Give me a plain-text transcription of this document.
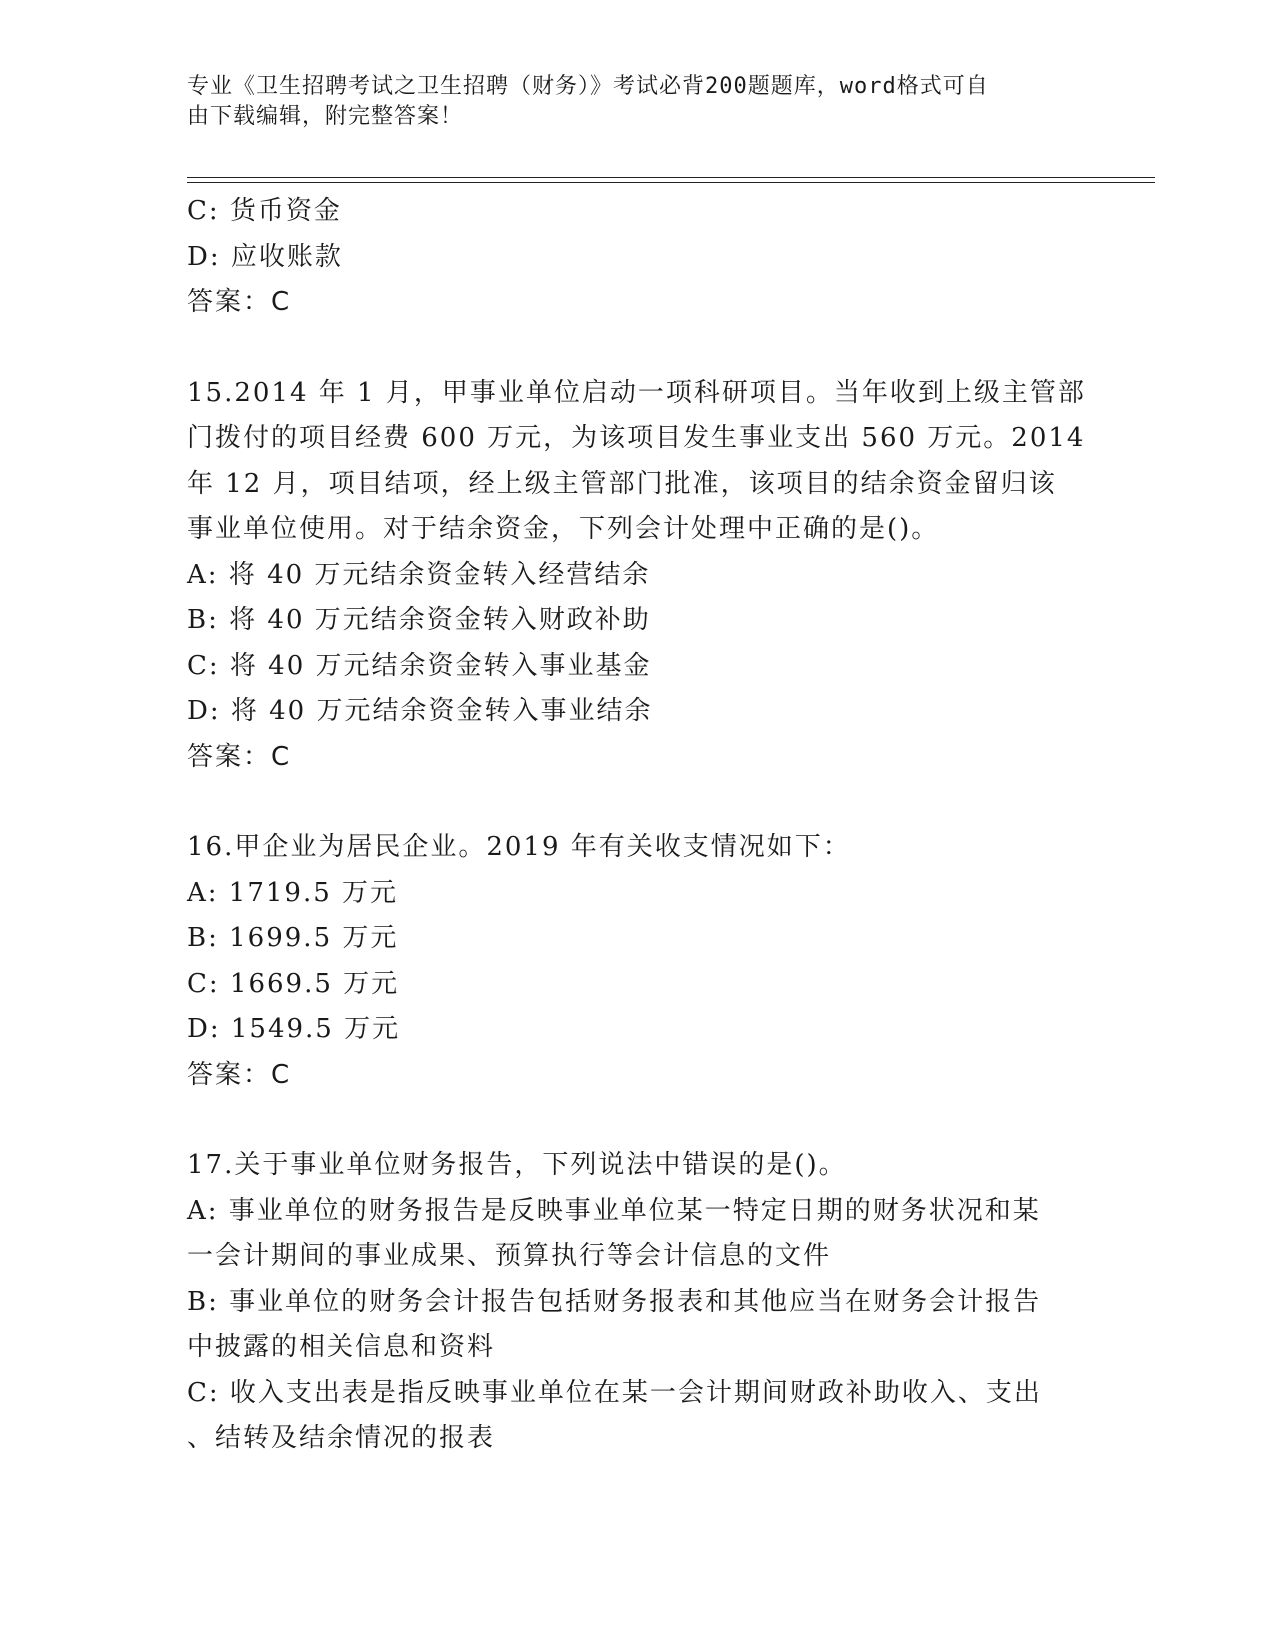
专业《卫生招聘考试之卫生招聘（财务）》考试必背200题题库，word格式可自
由下载编辑，附完整答案！
C: 货币资金
D: 应收账款
答案：C
15.2014 年 1 月，甲事业单位启动一项科研项目。当年收到上级主管部
门拨付的项目经费 600 万元，为该项目发生事业支出 560 万元。2014
年 12 月，项目结项，经上级主管部门批准，该项目的结余资金留归该
事业单位使用。对于结余资金，下列会计处理中正确的是()。
A: 将 40 万元结余资金转入经营结余
B: 将 40 万元结余资金转入财政补助
C: 将 40 万元结余资金转入事业基金
D: 将 40 万元结余资金转入事业结余
答案：C
16.甲企业为居民企业。2019 年有关收支情况如下：
A: 1719.5 万元
B: 1699.5 万元
C: 1669.5 万元
D: 1549.5 万元
答案：C
17.关于事业单位财务报告，下列说法中错误的是()。
A: 事业单位的财务报告是反映事业单位某一特定日期的财务状况和某
一会计期间的事业成果、预算执行等会计信息的文件
B: 事业单位的财务会计报告包括财务报表和其他应当在财务会计报告
中披露的相关信息和资料
C: 收入支出表是指反映事业单位在某一会计期间财政补助收入、支出
、结转及结余情况的报表
